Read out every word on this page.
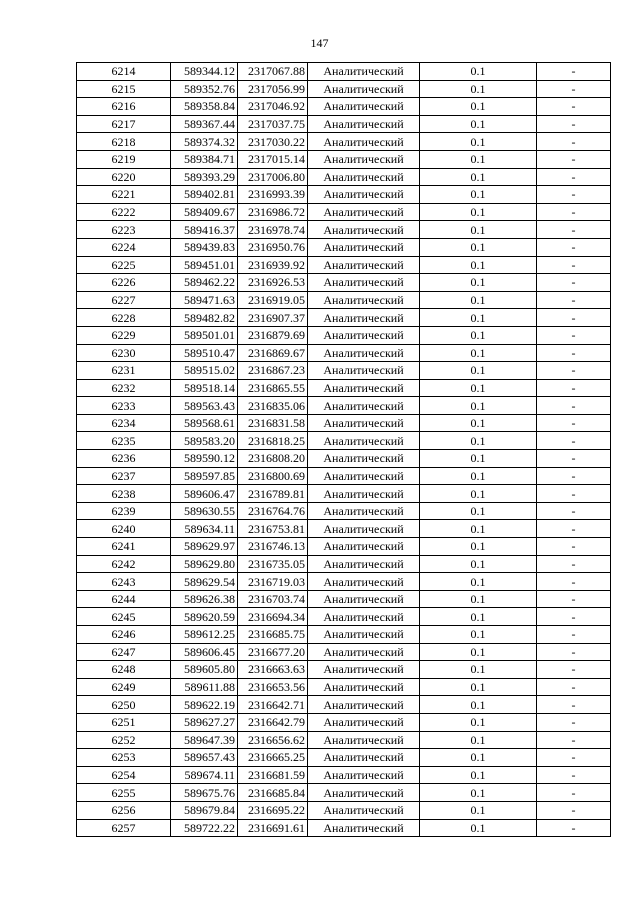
147
6214	589344.12	2317067.88	Аналитический	0.1	-
6215	589352.76	2317056.99	Аналитический	0.1	-
6216	589358.84	2317046.92	Аналитический	0.1	-
6217	589367.44	2317037.75	Аналитический	0.1	-
6218	589374.32	2317030.22	Аналитический	0.1	-
6219	589384.71	2317015.14	Аналитический	0.1	-
6220	589393.29	2317006.80	Аналитический	0.1	-
6221	589402.81	2316993.39	Аналитический	0.1	-
6222	589409.67	2316986.72	Аналитический	0.1	-
6223	589416.37	2316978.74	Аналитический	0.1	-
6224	589439.83	2316950.76	Аналитический	0.1	-
6225	589451.01	2316939.92	Аналитический	0.1	-
6226	589462.22	2316926.53	Аналитический	0.1	-
6227	589471.63	2316919.05	Аналитический	0.1	-
6228	589482.82	2316907.37	Аналитический	0.1	-
6229	589501.01	2316879.69	Аналитический	0.1	-
6230	589510.47	2316869.67	Аналитический	0.1	-
6231	589515.02	2316867.23	Аналитический	0.1	-
6232	589518.14	2316865.55	Аналитический	0.1	-
6233	589563.43	2316835.06	Аналитический	0.1	-
6234	589568.61	2316831.58	Аналитический	0.1	-
6235	589583.20	2316818.25	Аналитический	0.1	-
6236	589590.12	2316808.20	Аналитический	0.1	-
6237	589597.85	2316800.69	Аналитический	0.1	-
6238	589606.47	2316789.81	Аналитический	0.1	-
6239	589630.55	2316764.76	Аналитический	0.1	-
6240	589634.11	2316753.81	Аналитический	0.1	-
6241	589629.97	2316746.13	Аналитический	0.1	-
6242	589629.80	2316735.05	Аналитический	0.1	-
6243	589629.54	2316719.03	Аналитический	0.1	-
6244	589626.38	2316703.74	Аналитический	0.1	-
6245	589620.59	2316694.34	Аналитический	0.1	-
6246	589612.25	2316685.75	Аналитический	0.1	-
6247	589606.45	2316677.20	Аналитический	0.1	-
6248	589605.80	2316663.63	Аналитический	0.1	-
6249	589611.88	2316653.56	Аналитический	0.1	-
6250	589622.19	2316642.71	Аналитический	0.1	-
6251	589627.27	2316642.79	Аналитический	0.1	-
6252	589647.39	2316656.62	Аналитический	0.1	-
6253	589657.43	2316665.25	Аналитический	0.1	-
6254	589674.11	2316681.59	Аналитический	0.1	-
6255	589675.76	2316685.84	Аналитический	0.1	-
6256	589679.84	2316695.22	Аналитический	0.1	-
6257	589722.22	2316691.61	Аналитический	0.1	-
